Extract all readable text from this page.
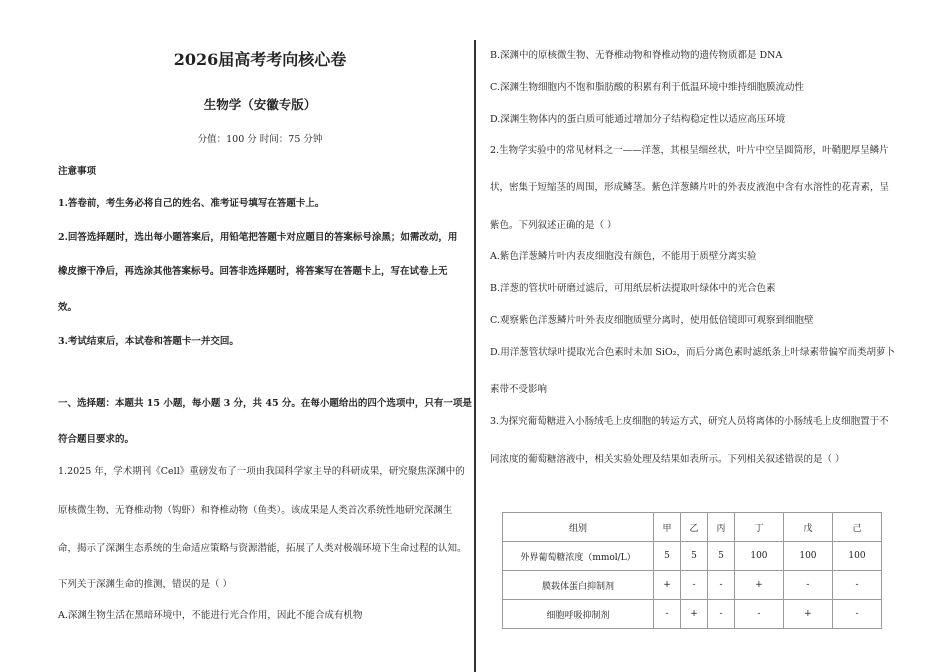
2026届高考考向核心卷
生物学（安徽专版）
分值：100 分 时间：75 分钟
注意事项
1.答卷前，考生务必将自己的姓名、准考证号填写在答题卡上。
2.回答选择题时，选出每小题答案后，用铅笔把答题卡对应题目的答案标号涂黑；如需改动，用
橡皮擦干净后，再选涂其他答案标号。回答非选择题时，将答案写在答题卡上，写在试卷上无
效。
3.考试结束后，本试卷和答题卡一并交回。
一、选择题：本题共 15 小题，每小题 3 分，共 45 分。在每小题给出的四个选项中，只有一项是
符合题目要求的。
1.2025 年，学术期刊《Cell》重磅发布了一项由我国科学家主导的科研成果，研究聚焦深渊中的
原核微生物、无脊椎动物（钩虾）和脊椎动物（鱼类）。该成果是人类首次系统性地研究深渊生
命，揭示了深渊生态系统的生命适应策略与资源潜能，拓展了人类对极端环境下生命过程的认知。
下列关于深渊生命的推测，错误的是（ ）
A.深渊生物生活在黑暗环境中，不能进行光合作用，因此不能合成有机物
B.深渊中的原核微生物、无脊椎动物和脊椎动物的遗传物质都是 DNA
C.深渊生物细胞内不饱和脂肪酸的积累有利于低温环境中维持细胞膜流动性
D.深渊生物体内的蛋白质可能通过增加分子结构稳定性以适应高压环境
2.生物学实验中的常见材料之一——洋葱，其根呈细丝状，叶片中空呈圆筒形，叶鞘肥厚呈鳞片
状，密集于短缩茎的周围，形成鳞茎。紫色洋葱鳞片叶的外表皮液泡中含有水溶性的花青素，呈
紫色。下列叙述正确的是（ ）
A.紫色洋葱鳞片叶内表皮细胞没有颜色，不能用于质壁分离实验
B.洋葱的管状叶研磨过滤后，可用纸层析法提取叶绿体中的光合色素
C.观察紫色洋葱鳞片叶外表皮细胞质壁分离时，使用低倍镜即可观察到细胞壁
D.用洋葱管状绿叶提取光合色素时未加 SiO₂，而后分离色素时滤纸条上叶绿素带偏窄而类胡萝卜
素带不受影响
3.为探究葡萄糖进入小肠绒毛上皮细胞的转运方式，研究人员将离体的小肠绒毛上皮细胞置于不
同浓度的葡萄糖溶液中，相关实验处理及结果如表所示。下列相关叙述错误的是（ ）
组别	甲	乙	丙	丁	戊	己
外界葡萄糖浓度（mmol/L）	5	5	5	100	100	100
膜载体蛋白抑制剂	+	-	-	+	-	-
细胞呼吸抑制剂	-	+	-	-	+	-
